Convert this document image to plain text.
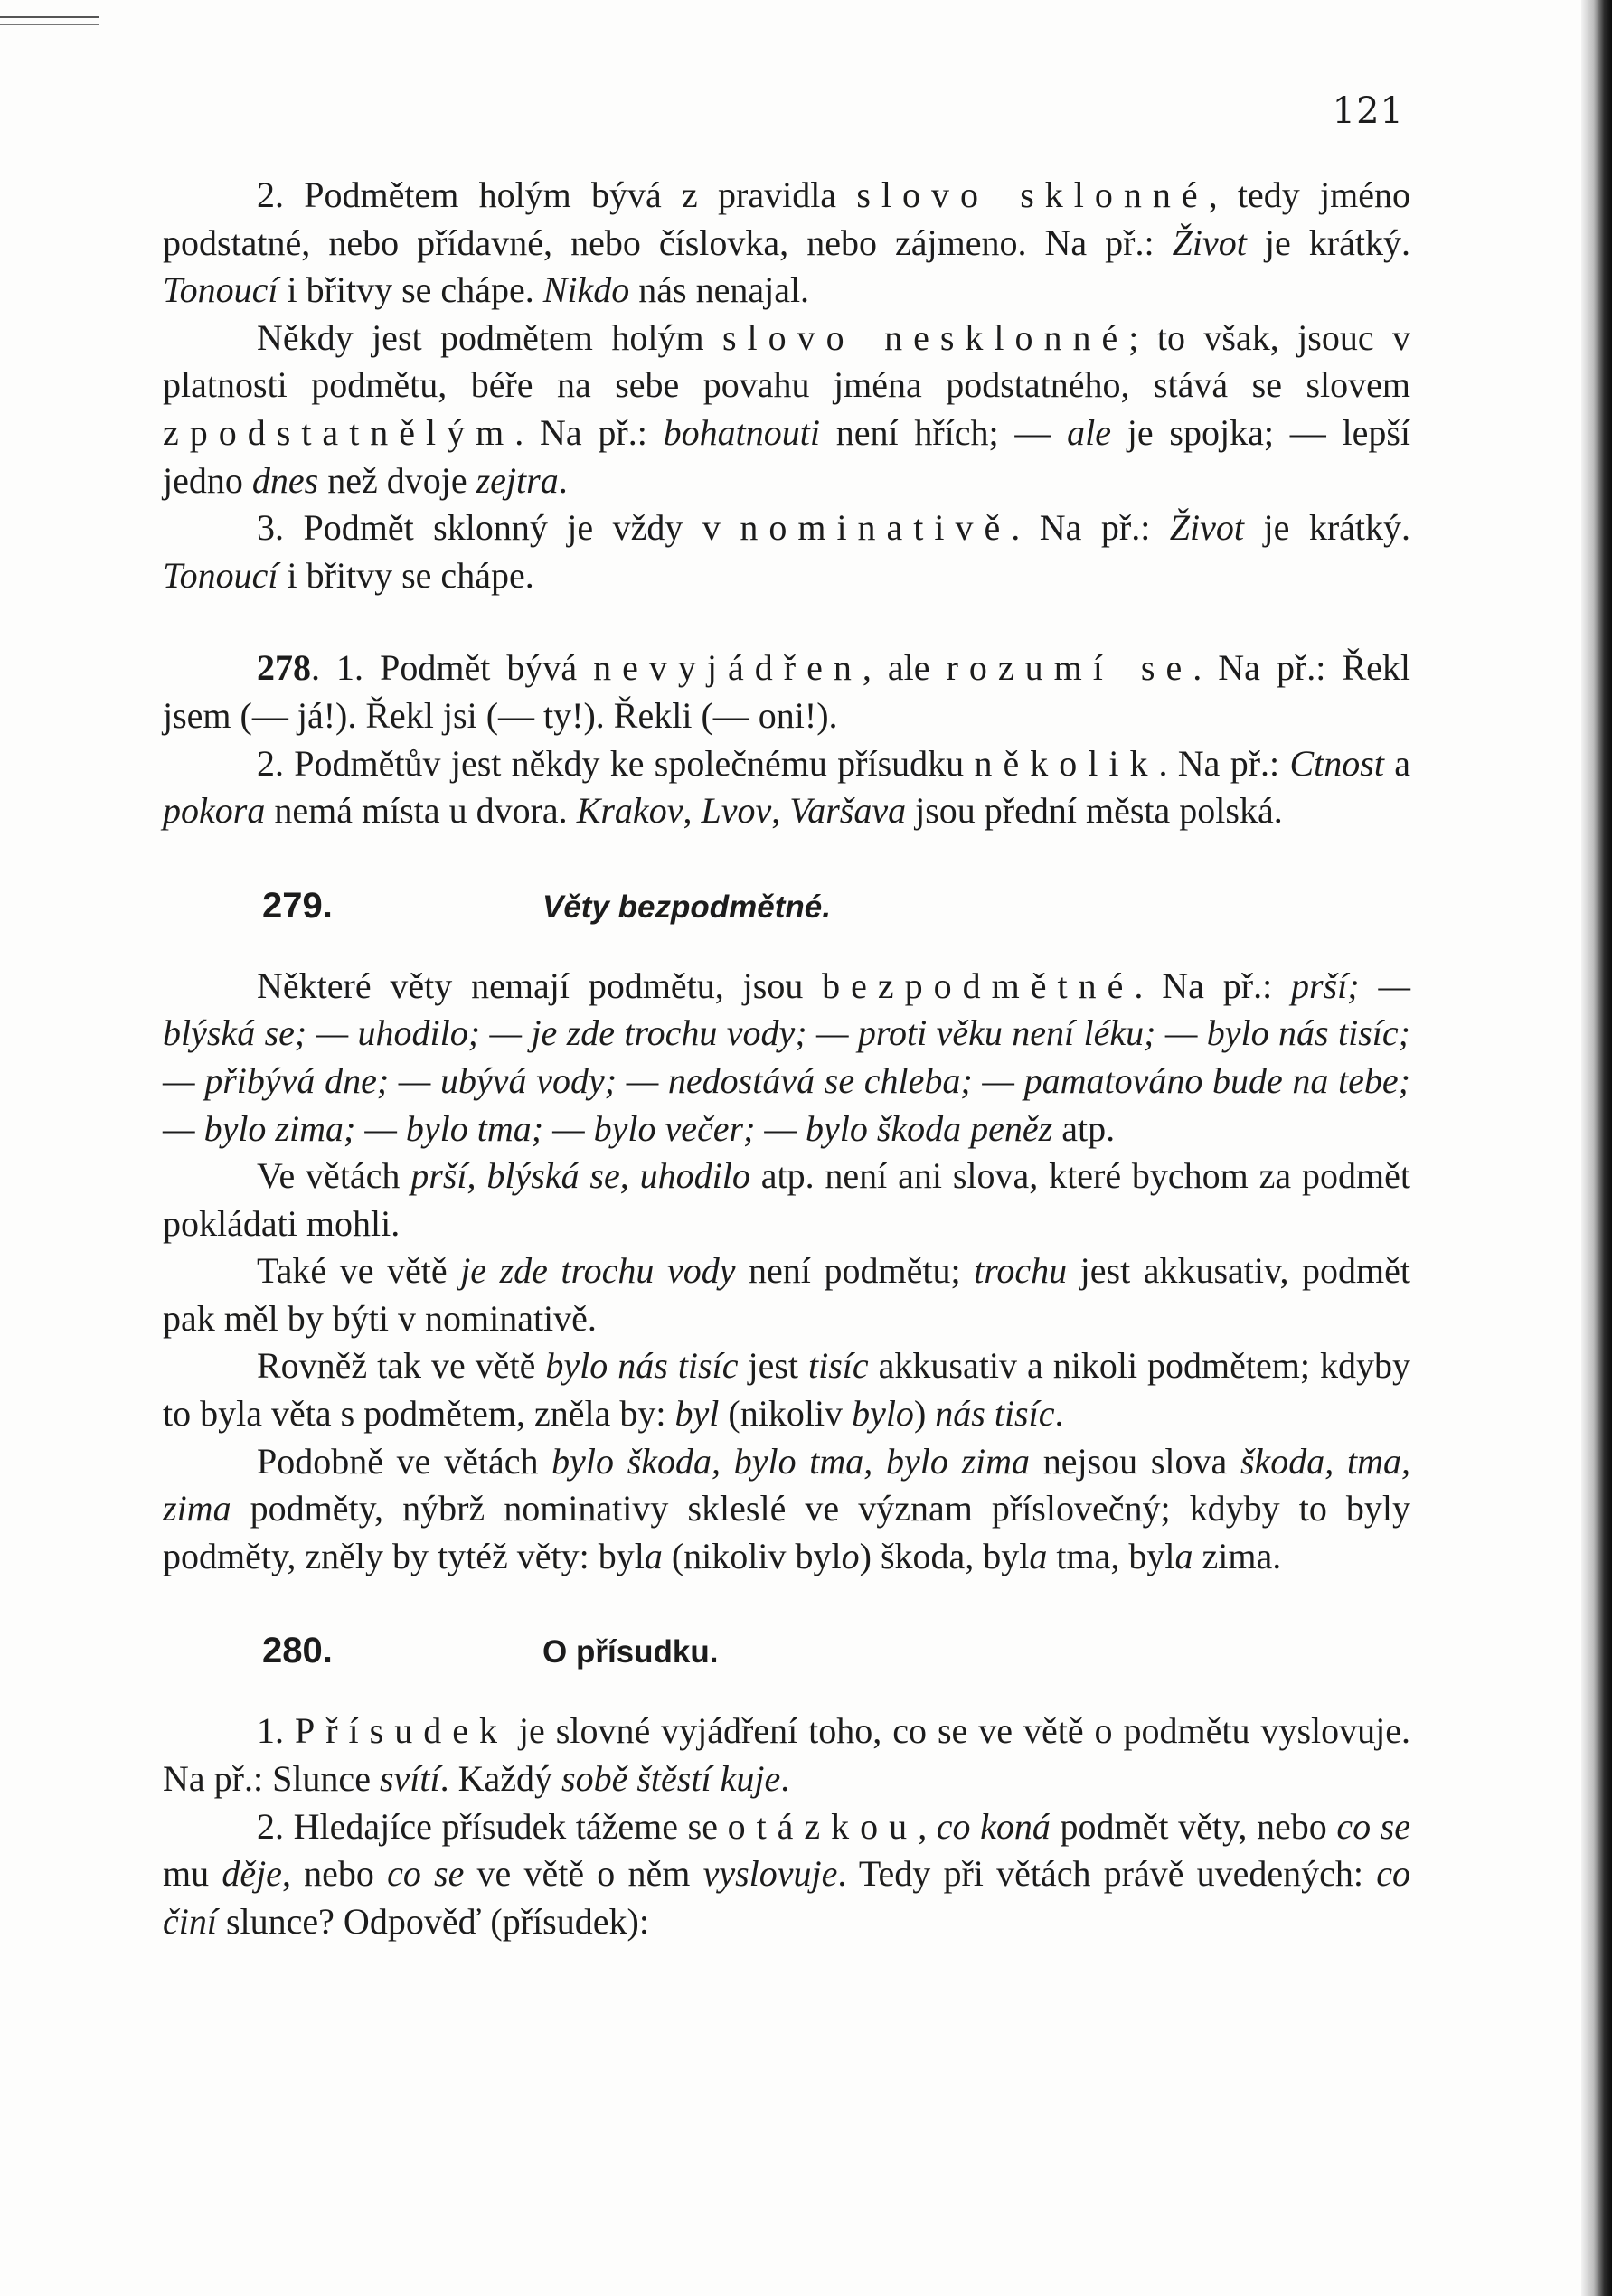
121

2. Podmětem holým bývá z pravidla slovo sklonné, tedy jméno podstatné, nebo přídavné, nebo číslovka, nebo zájmeno. Na př.: Život je krátký. Tonoucí i břitvy se chápe. Nikdo nás nenajal.

Někdy jest podmětem holým slovo nesklonné; to však, jsouc v platnosti podmětu, béře na sebe povahu jména podstatného, stává se slovem zpodstatnělým. Na př.: bohatnouti není hřích; — ale je spojka; — lepší jedno dnes než dvoje zejtra.

3. Podmět sklonný je vždy v nominativě. Na př.: Život je krátký. Tonoucí i břitvy se chápe.

278. 1. Podmět bývá nevyjádřen, ale rozumí se. Na př.: Řekl jsem (— já!). Řekl jsi (— ty!). Řekli (— oni!).

2. Podmětův jest někdy ke společnému přísudku několik. Na př.: Ctnost a pokora nemá místa u dvora. Krakov, Lvov, Varšava jsou přední města polská.

279.	Věty bezpodmětné.

Některé věty nemají podmětu, jsou bezpodmětné. Na př.: prší; — blýská se; — uhodilo; — je zde trochu vody; — proti věku není léku; — bylo nás tisíc; — přibývá dne; — ubývá vody; — nedostává se chleba; — pamatováno bude na tebe; — bylo zima; — bylo tma; — bylo večer; — bylo škoda peněz atp.

Ve větách prší, blýská se, uhodilo atp. není ani slova, které bychom za podmět pokládati mohli.

Také ve větě je zde trochu vody není podmětu; trochu jest akkusativ, podmět pak měl by býti v nominativě.

Rovněž tak ve větě bylo nás tisíc jest tisíc akkusativ a nikoli podmětem; kdyby to byla věta s podmětem, zněla by: byl (nikoliv bylo) nás tisíc.

Podobně ve větách bylo škoda, bylo tma, bylo zima nejsou slova škoda, tma, zima podměty, nýbrž nominativy skleslé ve význam příslovečný; kdyby to byly podměty, zněly by tytéž věty: byla (nikoliv bylo) škoda, byla tma, byla zima.

280.	O přísudku.

1. Přísudek je slovné vyjádření toho, co se ve větě o podmětu vyslovuje. Na př.: Slunce svítí. Každý sobě štěstí kuje.

2. Hledajíce přísudek tážeme se otázkou, co koná podmět věty, nebo co se mu děje, nebo co se ve větě o něm vyslovuje. Tedy při větách právě uvedených: co činí slunce? Odpověď (přísudek):
